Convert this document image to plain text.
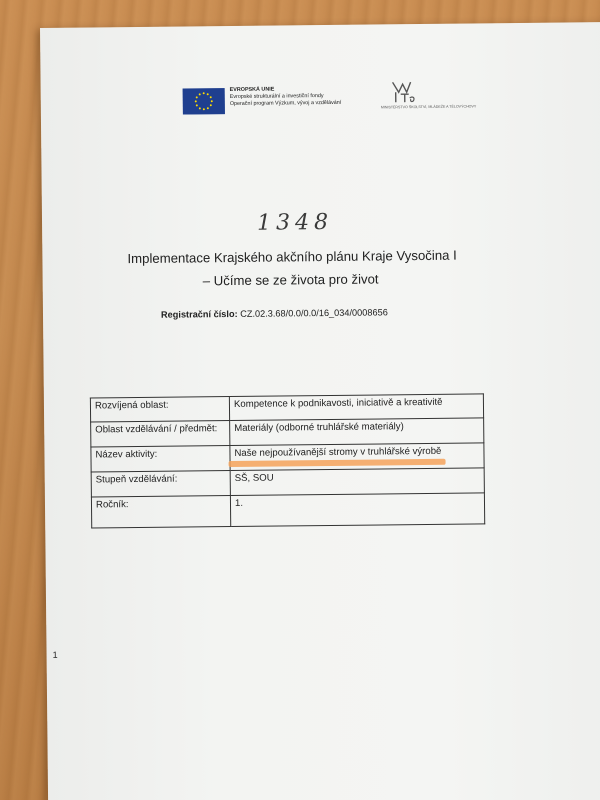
EVROPSKÁ UNIE
Evropské strukturální a investiční fondy
Operační program Výzkum, vývoj a vzdělávání
MINISTERSTVO ŠKOLSTVÍ, MLÁDEŽE A TĚLOVÝCHOVY
1348
Implementace Krajského akčního plánu Kraje Vysočina I
– Učíme se ze života pro život
Registrační číslo: CZ.02.3.68/0.0/0.0/16_034/0008656
Rozvíjená oblast:	Kompetence k podnikavosti, iniciativě a kreativitě
Oblast vzdělávání / předmět:	Materiály (odborné truhlářské materiály)
Název aktivity:	Naše nejpoužívanější stromy v truhlářské výrobě
Stupeň vzdělávání:	SŠ, SOU
Ročník:	1.
1
